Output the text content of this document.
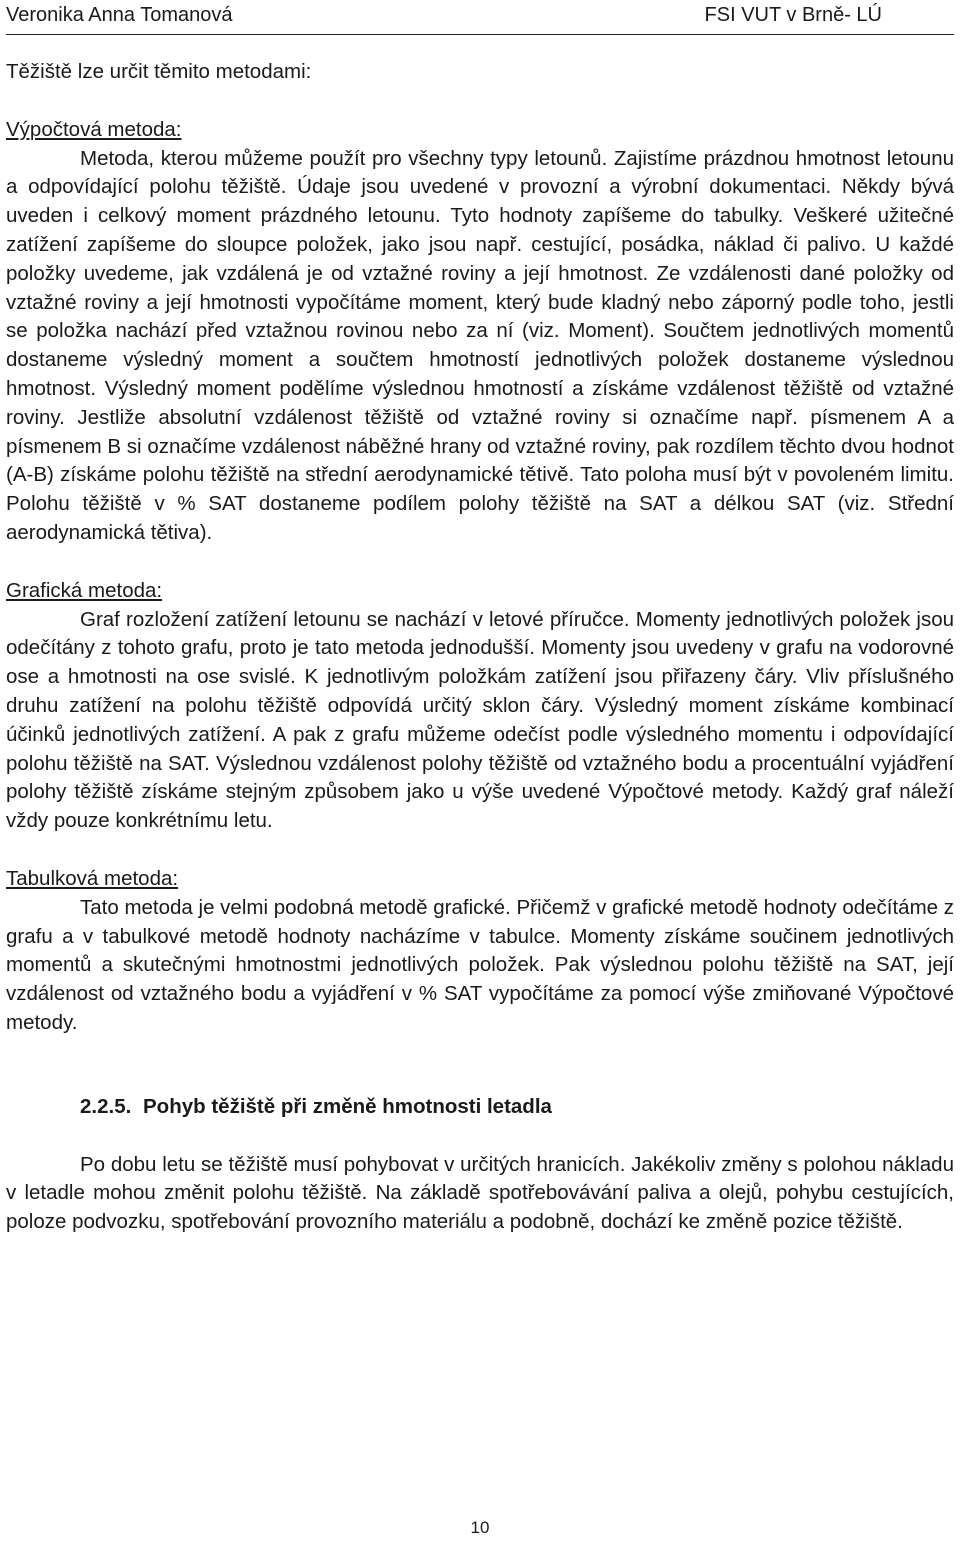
Veronika Anna Tomanová	FSI VUT v Brně- LÚ

Těžiště lze určit těmito metodami:

Výpočtová metoda:

Metoda, kterou můžeme použít pro všechny typy letounů. Zajistíme prázdnou hmotnost letounu a odpovídající polohu těžiště. Údaje jsou uvedené v provozní a výrobní dokumentaci. Někdy bývá uveden i celkový moment prázdného letounu. Tyto hodnoty zapíšeme do tabulky. Veškeré užitečné zatížení zapíšeme do sloupce položek, jako jsou např. cestující, posádka, náklad či palivo. U každé položky uvedeme, jak vzdálená je od vztažné roviny a její hmotnost. Ze vzdálenosti dané položky od vztažné roviny a její hmotnosti vypočítáme moment, který bude kladný nebo záporný podle toho, jestli se položka nachází před vztažnou rovinou nebo za ní (viz. Moment). Součtem jednotlivých momentů dostaneme výsledný moment a součtem hmotností jednotlivých položek dostaneme výslednou hmotnost. Výsledný moment podělíme výslednou hmotností a získáme vzdálenost těžiště od vztažné roviny. Jestliže absolutní vzdálenost těžiště od vztažné roviny si označíme např. písmenem A a písmenem B si označíme vzdálenost náběžné hrany od vztažné roviny, pak rozdílem těchto dvou hodnot (A-B) získáme polohu těžiště na střední aerodynamické tětivě. Tato poloha musí být v povoleném limitu. Polohu těžiště v % SAT dostaneme podílem polohy těžiště na SAT a délkou SAT (viz. Střední aerodynamická tětiva).

Grafická metoda:

Graf rozložení zatížení letounu se nachází v letové příručce. Momenty jednotlivých položek jsou odečítány z tohoto grafu, proto je tato metoda jednodušší. Momenty jsou uvedeny v grafu na vodorovné ose a hmotnosti na ose svislé. K jednotlivým položkám zatížení jsou přiřazeny čáry. Vliv příslušného druhu zatížení na polohu těžiště odpovídá určitý sklon čáry. Výsledný moment získáme kombinací účinků jednotlivých zatížení. A pak z grafu můžeme odečíst podle výsledného momentu i odpovídající polohu těžiště na SAT. Výslednou vzdálenost polohy těžiště od vztažného bodu a procentuální vyjádření polohy těžiště získáme stejným způsobem jako u výše uvedené Výpočtové metody. Každý graf náleží vždy pouze konkrétnímu letu.

Tabulková metoda:

Tato metoda je velmi podobná metodě grafické. Přičemž v grafické metodě hodnoty odečítáme z grafu a v tabulkové metodě hodnoty nacházíme v tabulce. Momenty získáme součinem jednotlivých momentů a skutečnými hmotnostmi jednotlivých položek. Pak výslednou polohu těžiště na SAT, její vzdálenost od vztažného bodu a vyjádření v % SAT vypočítáme za pomocí výše zmiňované Výpočtové metody.

2.2.5. Pohyb těžiště při změně hmotnosti letadla

Po dobu letu se těžiště musí pohybovat v určitých hranicích. Jakékoliv změny s polohou nákladu v letadle mohou změnit polohu těžiště. Na základě spotřebovávání paliva a olejů, pohybu cestujících, poloze podvozku, spotřebování provozního materiálu a podobně, dochází ke změně pozice těžiště.

10
